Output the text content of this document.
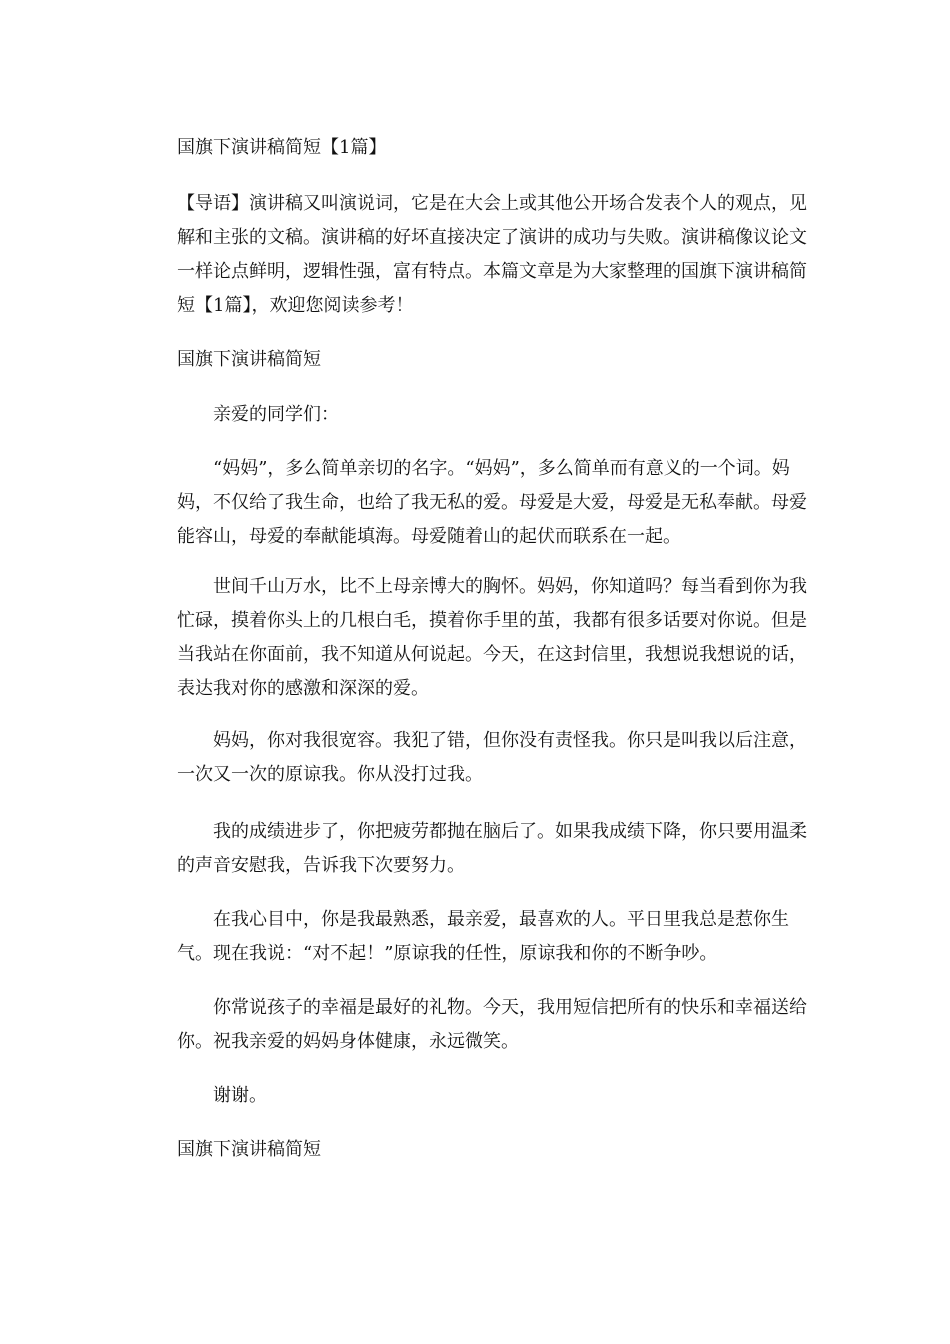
国旗下演讲稿简短【1篇】

【导语】演讲稿又叫演说词，它是在大会上或其他公开场合发表个人的观点，见解和主张的文稿。演讲稿的好坏直接决定了演讲的成功与失败。演讲稿像议论文一样论点鲜明，逻辑性强，富有特点。本篇文章是为大家整理的国旗下演讲稿简短【1篇】，欢迎您阅读参考！

国旗下演讲稿简短

亲爱的同学们：

“妈妈”，多么简单亲切的名字。“妈妈”，多么简单而有意义的一个词。妈妈，不仅给了我生命，也给了我无私的爱。母爱是大爱，母爱是无私奉献。母爱能容山，母爱的奉献能填海。母爱随着山的起伏而联系在一起。

世间千山万水，比不上母亲博大的胸怀。妈妈，你知道吗？每当看到你为我忙碌，摸着你头上的几根白毛，摸着你手里的茧，我都有很多话要对你说。但是当我站在你面前，我不知道从何说起。今天，在这封信里，我想说我想说的话，表达我对你的感激和深深的爱。

妈妈，你对我很宽容。我犯了错，但你没有责怪我。你只是叫我以后注意，一次又一次的原谅我。你从没打过我。

我的成绩进步了，你把疲劳都抛在脑后了。如果我成绩下降，你只要用温柔的声音安慰我，告诉我下次要努力。

在我心目中，你是我最熟悉，最亲爱，最喜欢的人。平日里我总是惹你生气。现在我说：“对不起！”原谅我的任性，原谅我和你的不断争吵。

你常说孩子的幸福是最好的礼物。今天，我用短信把所有的快乐和幸福送给你。祝我亲爱的妈妈身体健康，永远微笑。

谢谢。

国旗下演讲稿简短
